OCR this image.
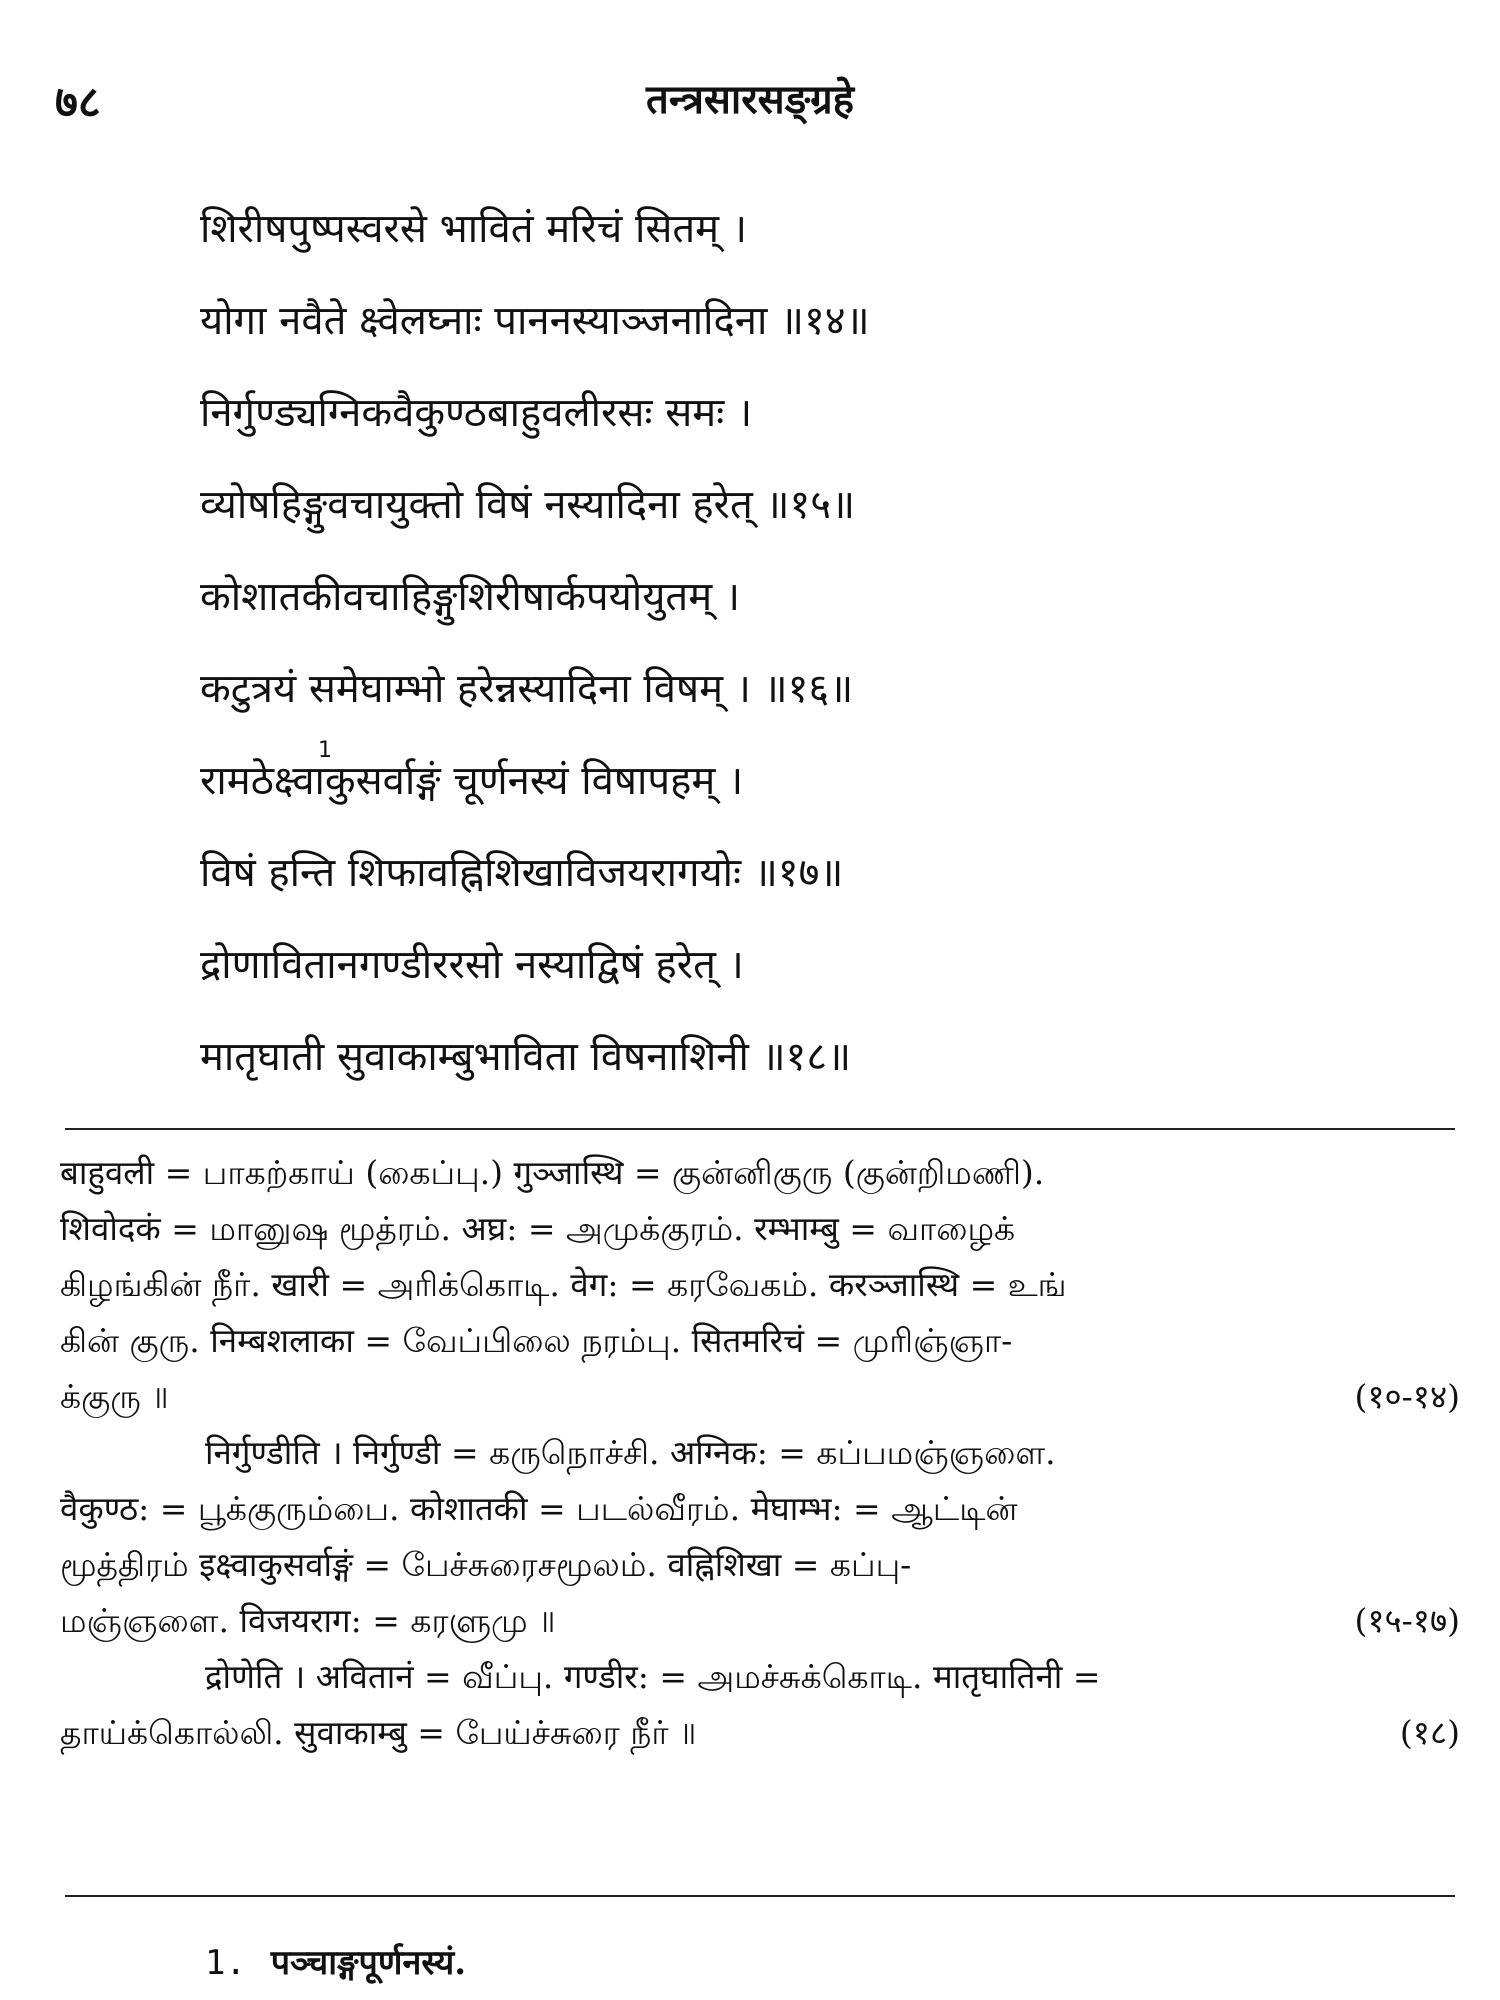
७८	तन्त्रसारसङ्ग्रहे
शिरीषपुष्पस्वरसे भावितं मरिचं सितम् ।
योगा नवैते क्ष्वेलघ्नाः पाननस्याञ्जनादिना ॥१४॥
निर्गुण्ड्यग्निकवैकुण्ठबाहुवलीरसः समः ।
व्योषहिङ्गुवचायुक्तो विषं नस्यादिना हरेत् ॥१५॥
कोशातकीवचाहिङ्गुशिरीषार्कपयोयुतम् ।
कटुत्रयं समेघाम्भो हरेन्नस्यादिना विषम् । ॥१६॥
1
रामठेक्ष्वाकुसर्वाङ्गं चूर्णनस्यं विषापहम् ।
विषं हन्ति शिफावह्निशिखाविजयरागयोः ॥१७॥
द्रोणावितानगण्डीररसो नस्याद्विषं हरेत् ।
मातृघाती सुवाकाम्बुभाविता विषनाशिनी ॥१८॥
बाहुवली = பாகற்காய் (கைப்பு.) गुञ्जास्थि = குன்னிகுரு (குன்றிமணி).
शिवोदकं = மானுஷ மூத்ரம். अघ्र: = அமுக்குரம். रम्भाम्बु = வாழைக்
கிழங்கின் நீர். खारी = அரிக்கொடி. वेग: = கரவேகம். करञ्जास्थि = உங்
கின் குரு. निम्बशलाका = வேப்பிலை நரம்பு. सितमरिचं = முரிஞ்ஞா-
க்குரு ॥	(१०-१४)
निर्गुण्डीति । निर्गुण्डी = கருநொச்சி. अग्निक: = கப்பமஞ்ஞளை.
वैकुण्ठ: = பூக்குரும்பை. कोशातकी = படல்வீரம். मेघाम्भ: = ஆட்டின்
மூத்திரம் इक्ष्वाकुसर्वाङ्गं = பேச்சுரைசமூலம். वह्निशिखा = கப்பு-
மஞ்ஞளை. विजयराग: = கரளுமு ॥	(१५-१७)
द्रोणेति । अवितानं = வீப்பு. गण्डीर: = அமச்சுக்கொடி. मातृघातिनी =
தாய்க்கொல்லி. सुवाकाम्बु = பேய்ச்சுரை நீர் ॥	(१८)
1. पञ्चाङ्गपूर्णनस्यं.
